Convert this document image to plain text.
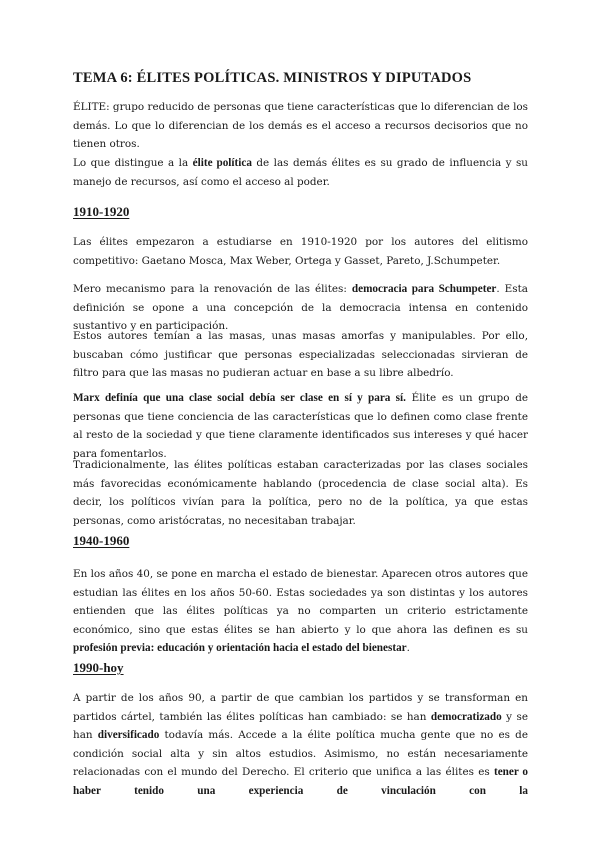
TEMA 6: ÉLITES POLÍTICAS. MINISTROS Y DIPUTADOS

ÉLITE: grupo reducido de personas que tiene características que lo diferencian de los demás. Lo que lo diferencian de los demás es el acceso a recursos decisorios que no tienen otros.

Lo que distingue a la élite política de las demás élites es su grado de influencia y su manejo de recursos, así como el acceso al poder.

1910-1920

Las élites empezaron a estudiarse en 1910-1920 por los autores del elitismo competitivo: Gaetano Mosca, Max Weber, Ortega y Gasset, Pareto, J.Schumpeter.

Mero mecanismo para la renovación de las élites: democracia para Schumpeter. Esta definición se opone a una concepción de la democracia intensa en contenido sustantivo y en participación.

Estos autores temían a las masas, unas masas amorfas y manipulables. Por ello, buscaban cómo justificar que personas especializadas seleccionadas sirvieran de filtro para que las masas no pudieran actuar en base a su libre albedrío.

Marx definía que una clase social debía ser clase en sí y para sí. Élite es un grupo de personas que tiene conciencia de las características que lo definen como clase frente al resto de la sociedad y que tiene claramente identificados sus intereses y qué hacer para fomentarlos.

Tradicionalmente, las élites políticas estaban caracterizadas por las clases sociales más favorecidas económicamente hablando (procedencia de clase social alta). Es decir, los políticos vivían para la política, pero no de la política, ya que estas personas, como aristócratas, no necesitaban trabajar.

1940-1960

En los años 40, se pone en marcha el estado de bienestar. Aparecen otros autores que estudian las élites en los años 50-60. Estas sociedades ya son distintas y los autores entienden que las élites políticas ya no comparten un criterio estrictamente económico, sino que estas élites se han abierto y lo que ahora las definen es su profesión previa: educación y orientación hacia el estado del bienestar.

1990-hoy

A partir de los años 90, a partir de que cambian los partidos y se transforman en partidos cártel, también las élites políticas han cambiado: se han democratizado y se han diversificado todavía más. Accede a la élite política mucha gente que no es de condición social alta y sin altos estudios. Asimismo, no están necesariamente relacionadas con el mundo del Derecho. El criterio que unifica a las élites es tener o haber tenido una experiencia de vinculación con la
